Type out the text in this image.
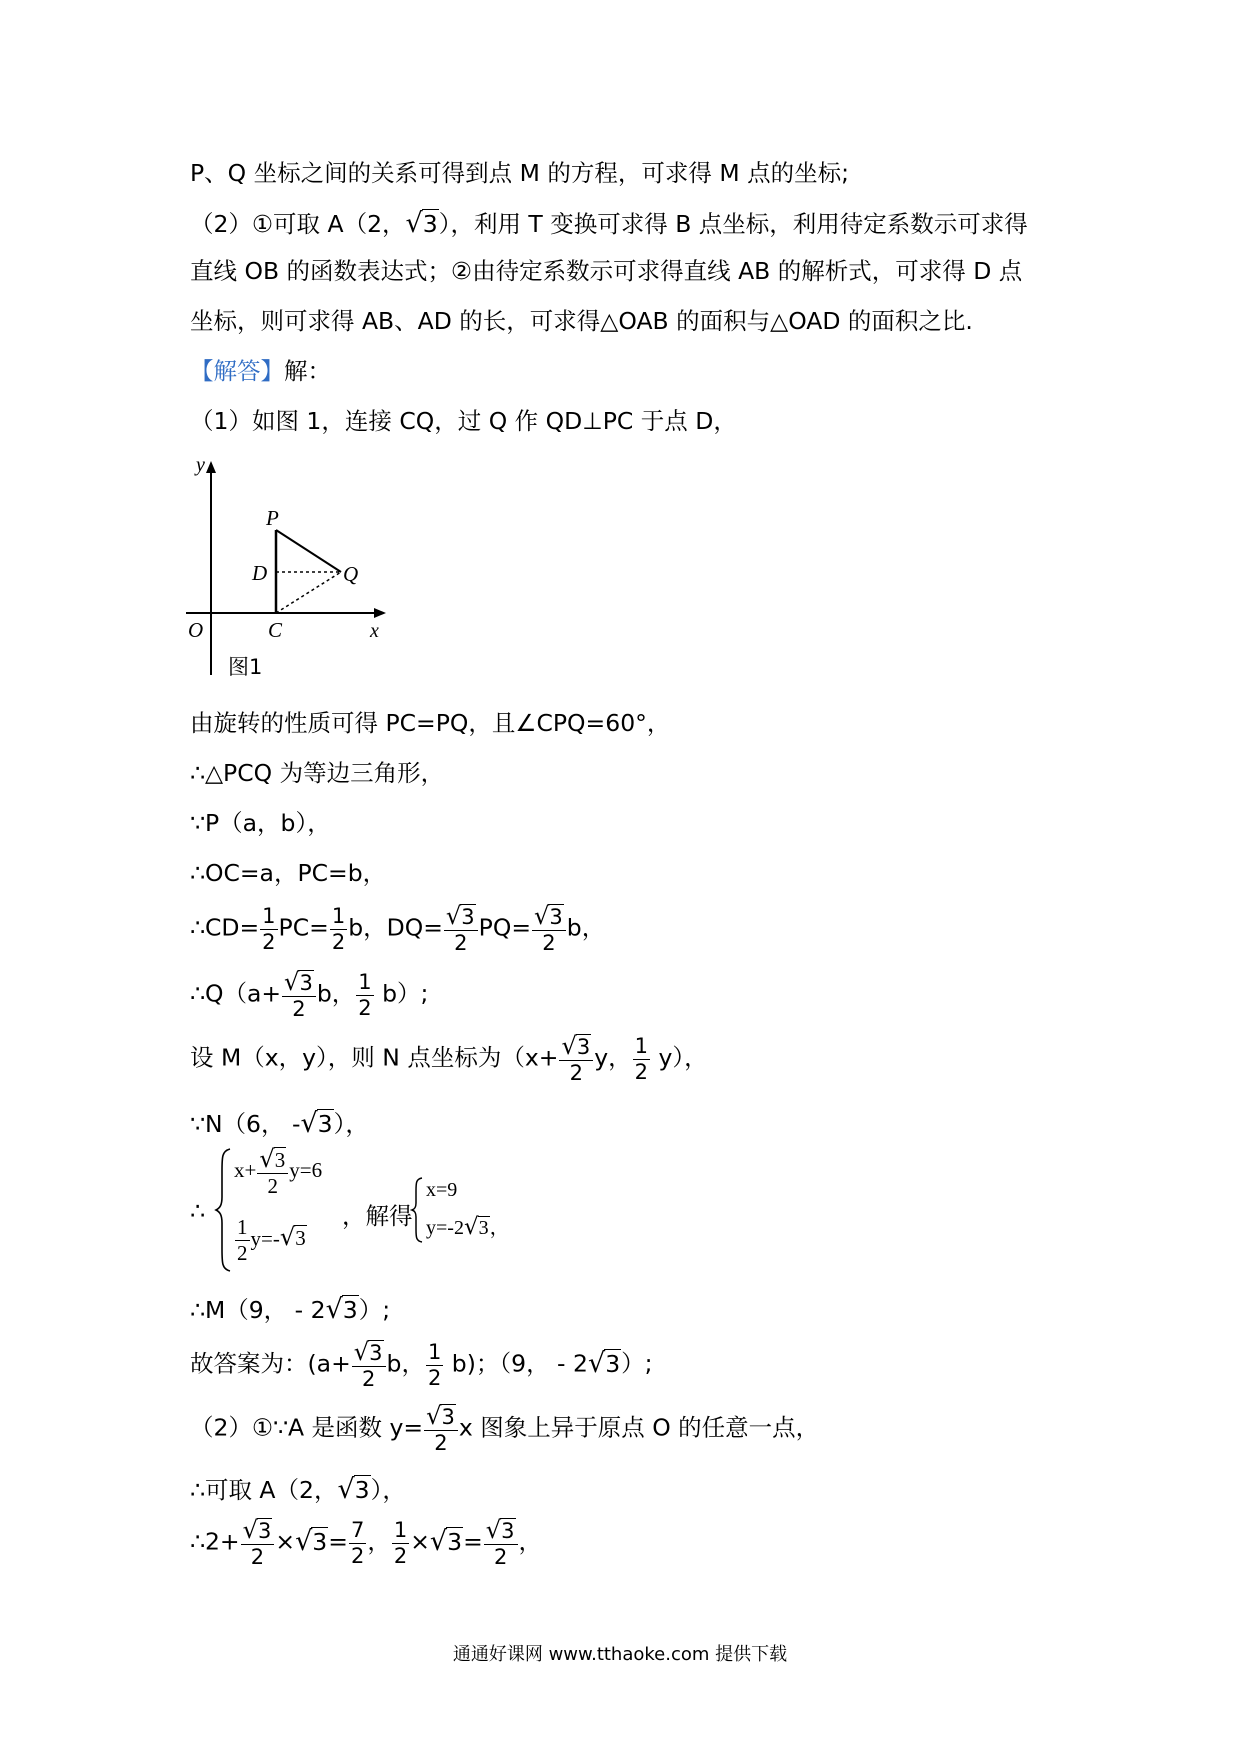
P、Q 坐标之间的关系可得到点 M 的方程，可求得 M 点的坐标;
（2）①可取 A（2，√3），利用 T 变换可求得 B 点坐标，利用待定系数示可求得
直线 OB 的函数表达式；②由待定系数示可求得直线 AB 的解析式，可求得 D 点
坐标，则可求得 AB、AD 的长，可求得△OAB 的面积与△OAD 的面积之比.
【解答】解：
（1）如图 1，连接 CQ，过 Q 作 QD⊥PC 于点 D，
y
P
D	Q
O	C	x
图1
由旋转的性质可得 PC=PQ，且∠CPQ=60°，
∴△PCQ 为等边三角形，
∵P（a，b），
∴OC=a，PC=b，
∴CD= $\frac{1}{2} PC= \frac{1}{2}$ b，$DQ= \frac{√3}{2} PQ= \frac{√3}{2}$ b，
∴Q（a+ $\frac{√3}{2}$ b， $\frac{1}{2} b$）;
设 M（x，y），则 N 点坐标为（$x+ \frac{√3}{2}$ y， $\frac{1}{2} y$），
∵N（6， -√3），
∴
$x+ \frac{√3}{2} y=6$
$\frac{1}{2} y=-√3$
，解得
x=9
y=-2√3，
∴M（9， - 2√3）;
故答案为：($a+ \frac{√3}{2}$ b， $\frac{1}{2} b$)；（9， - 2√3）;
（2）①∵A 是函数 $y= \frac{√3}{2}$ x 图象上异于原点 O 的任意一点，
∴可取 A（2，√3），
∴2+ $\frac{√3}{2} \times√3= \frac{7}{2}$ ， $\frac{1}{2} \times√3= \frac{√3}{2}$ ，
通通好课网 www.tthaoke.com 提供下载
